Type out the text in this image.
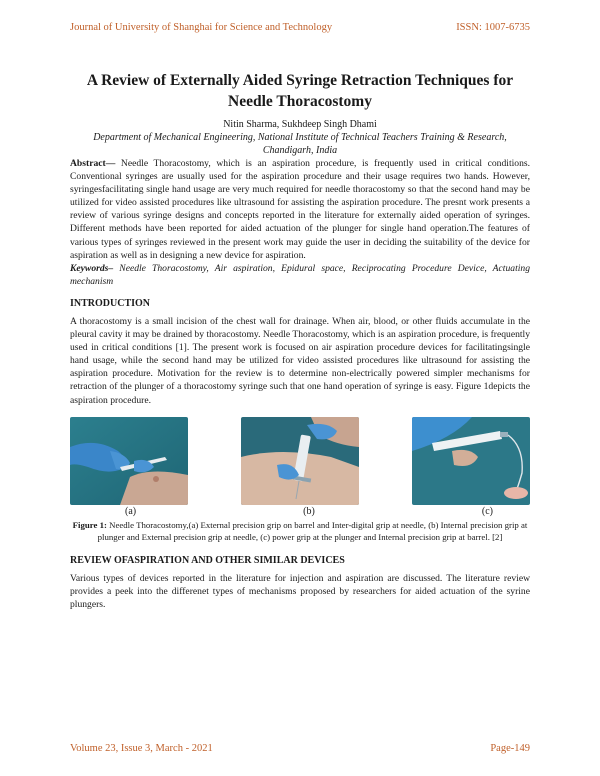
Journal of University of Shanghai for Science and Technology	ISSN: 1007-6735
A Review of Externally Aided Syringe Retraction Techniques for Needle Thoracostomy
Nitin Sharma, Sukhdeep Singh Dhami
Department of Mechanical Engineering, National Institute of Technical Teachers Training & Research, Chandigarh, India

Abstract— Needle Thoracostomy, which is an aspiration procedure, is frequently used in critical conditions. Conventional syringes are usually used for the aspiration procedure and their usage requires two hands. However, syringesfacilitating single hand usage are very much required for needle thoracostomy so that the second hand may be utilized for video assisted procedures like ultrasound for assisting the aspiration procedure. The presnt work presents a review of various syringe designs and concepts reported in the literature for externally aided operation of syringes. Different methods have been reported for aided actuation of the plunger for single hand operation.The features of various types of syringes reviewed in the present work may guide the user in deciding the suitability of the device for aspiration as well as in designing a new device for aspiration.

Keywords– Needle Thoracostomy, Air aspiration, Epidural space, Reciprocating Procedure Device, Actuating mechanism

INTRODUCTION

A thoracostomy is a small incision of the chest wall for drainage. When air, blood, or other fluids accumulate in the pleural cavity it may be drained by thoracostomy. Needle Thoracostomy, which is an aspiration procedure, is frequently used in critical conditions [1]. The present work is focused on air aspiration procedure devices for facilitatingsingle hand usage, while the second hand may be utilized for video assisted procedures like ultrasound for assisting the aspiration procedure. Motivation for the review is to determine non-electrically powered simpler mechanisms for retraction of the plunger of a thoracostomy syringe such that one hand operation of syringe is easy. Figure 1depicts the aspiration procedure.

(a)	(b)	(c)
Figure 1: Needle Thoracostomy,(a) External precision grip on barrel and Inter-digital grip at needle, (b) Internal precision grip at plunger and External precision grip at needle, (c) power grip at the plunger and Internal precision grip at barrel. [2]
REVIEW OFASPIRATION AND OTHER SIMILAR DEVICES

Various types of devices reported in the literature for injection and aspiration are discussed. The literature review provides a peek into the differenet types of mechanisms proposed by researchers for aided actuation of the syrine plungers.

Volume 23, Issue 3, March - 2021	Page-149
